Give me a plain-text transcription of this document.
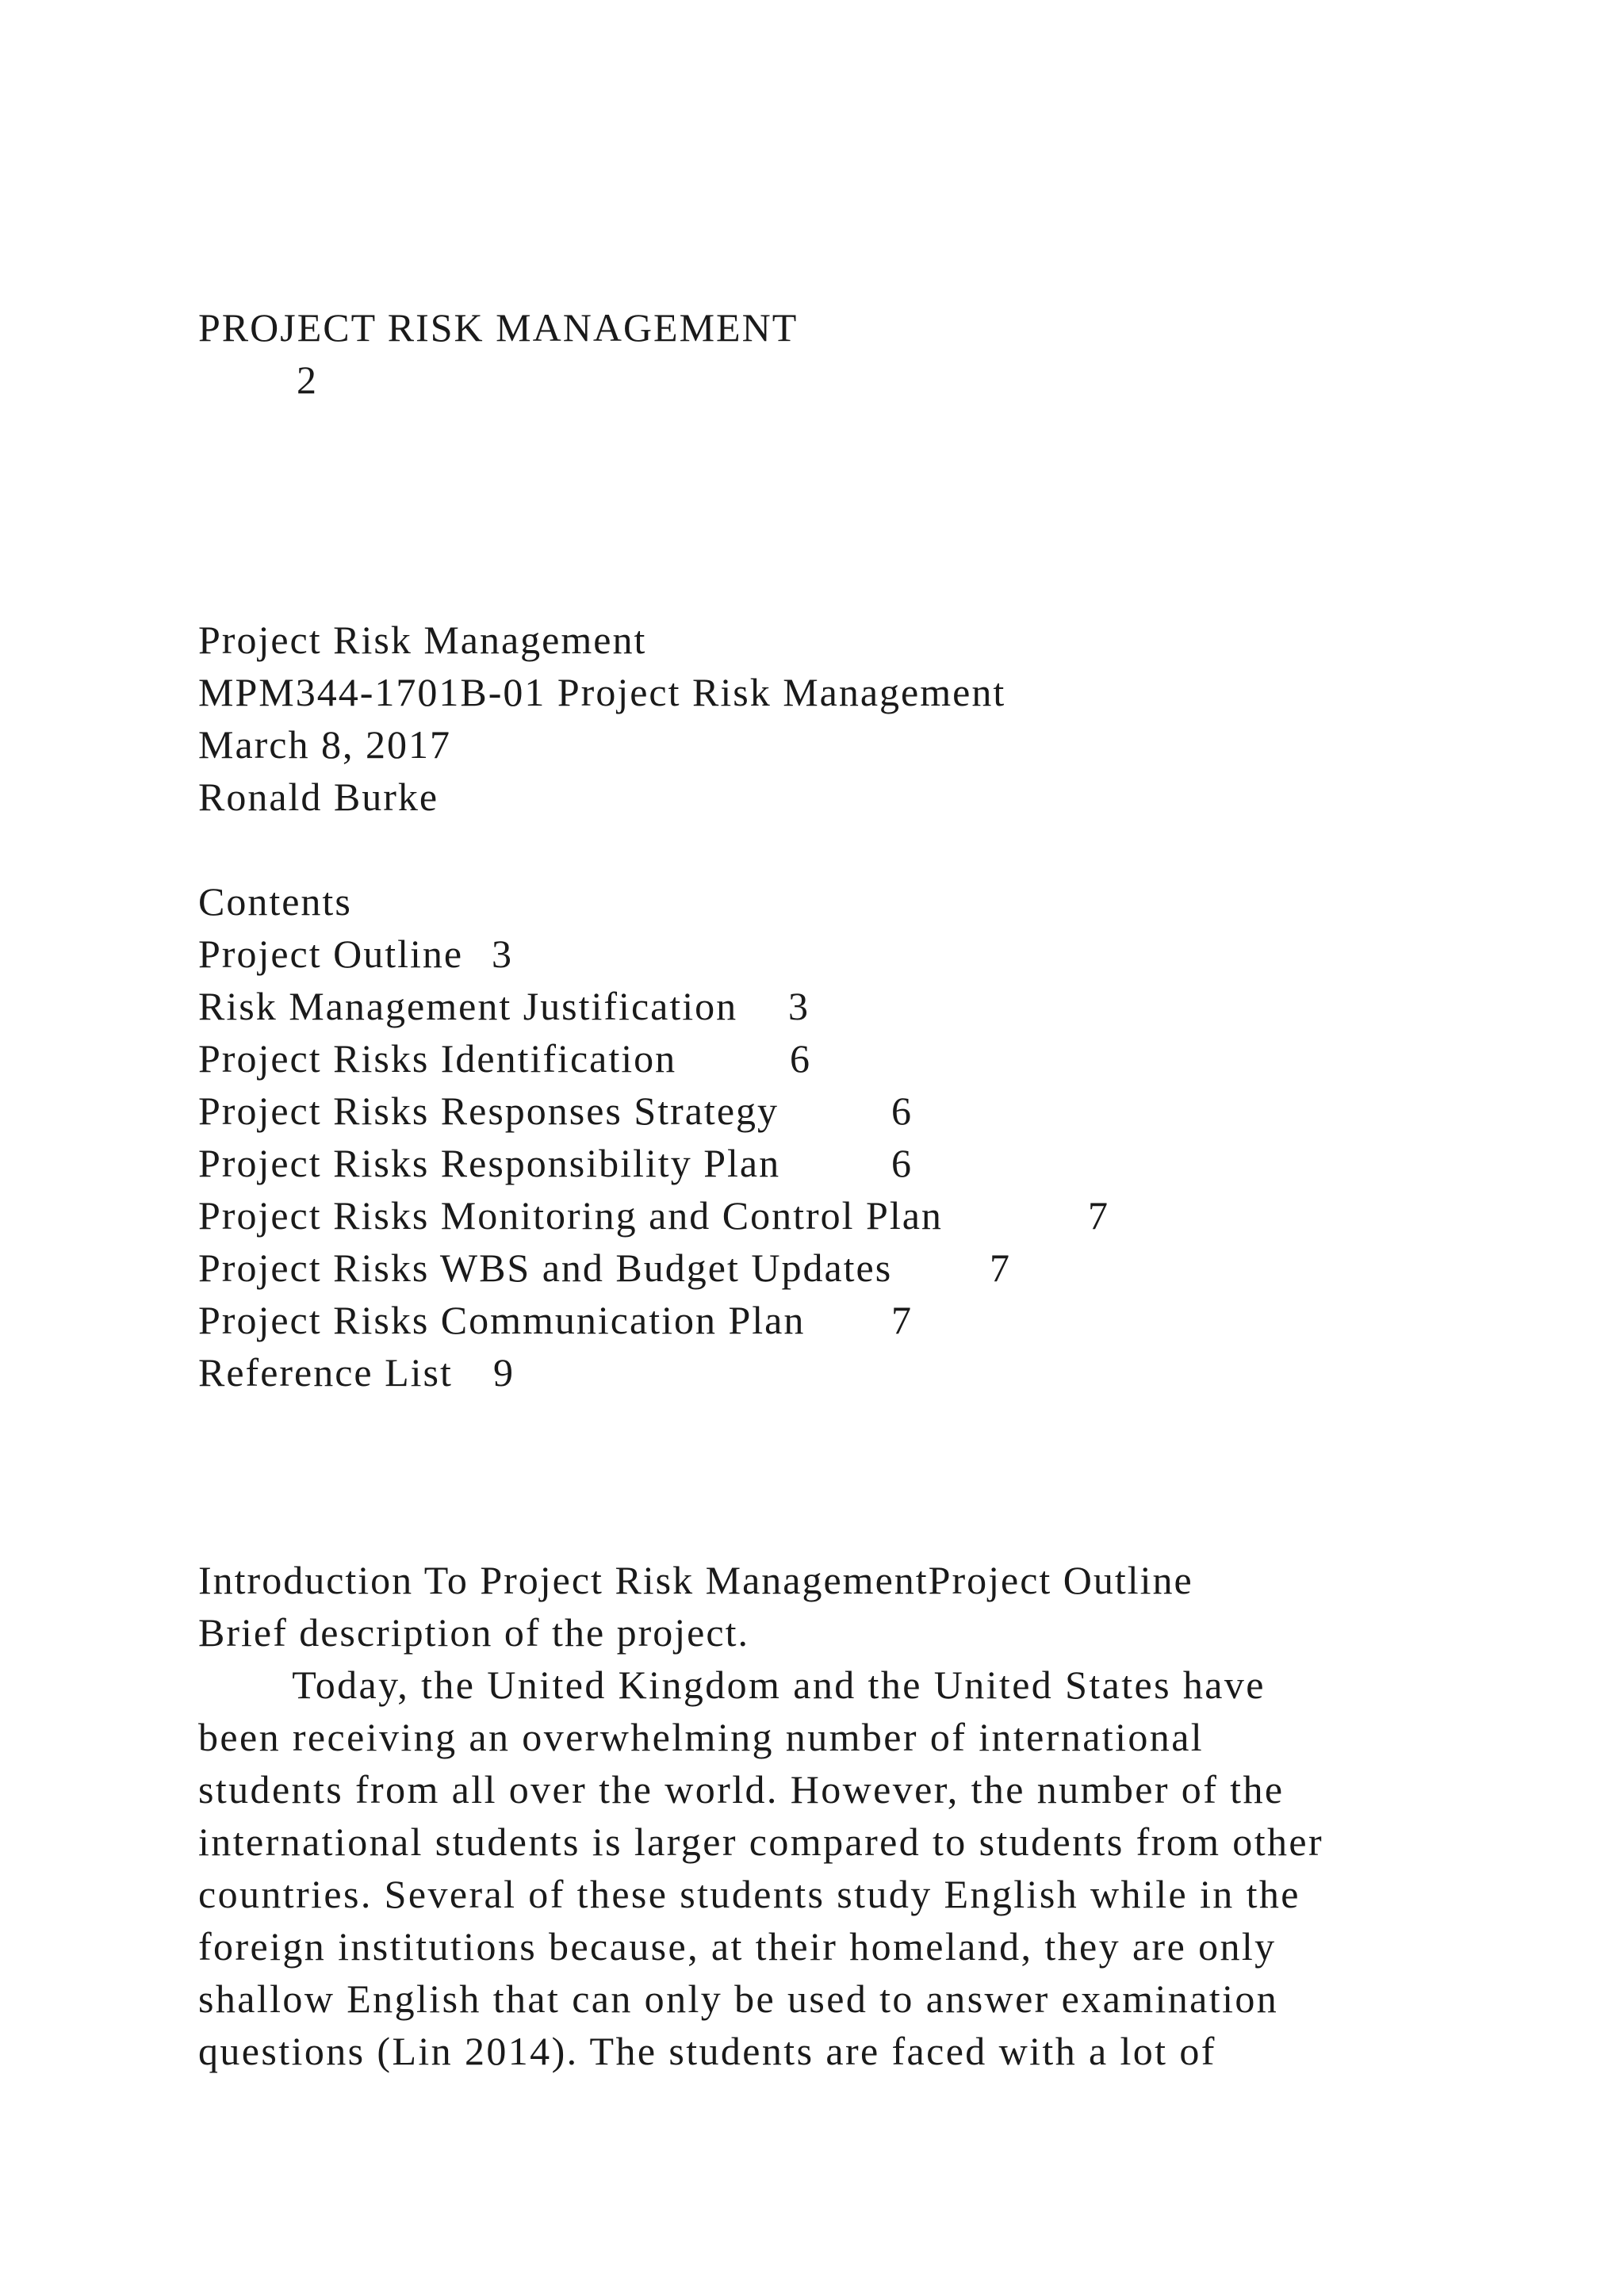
PROJECT RISK MANAGEMENT
2
Project Risk Management
MPM344-1701B-01 Project Risk Management
March 8, 2017
Ronald Burke
Contents
Project Outline 3
Risk Management Justification 3
Project Risks Identification	6
Project Risks Responses Strategy	6
Project Risks Responsibility Plan	6
Project Risks Monitoring and Control Plan	7
Project Risks WBS and Budget Updates 7
Project Risks Communication Plan 7
Reference List 9
Introduction To Project Risk ManagementProject Outline
Brief description of the project.
Today, the United Kingdom and the United States have
been receiving an overwhelming number of international
students from all over the world. However, the number of the
international students is larger compared to students from other
countries. Several of these students study English while in the
foreign institutions because, at their homeland, they are only
shallow English that can only be used to answer examination
questions (Lin 2014). The students are faced with a lot of
